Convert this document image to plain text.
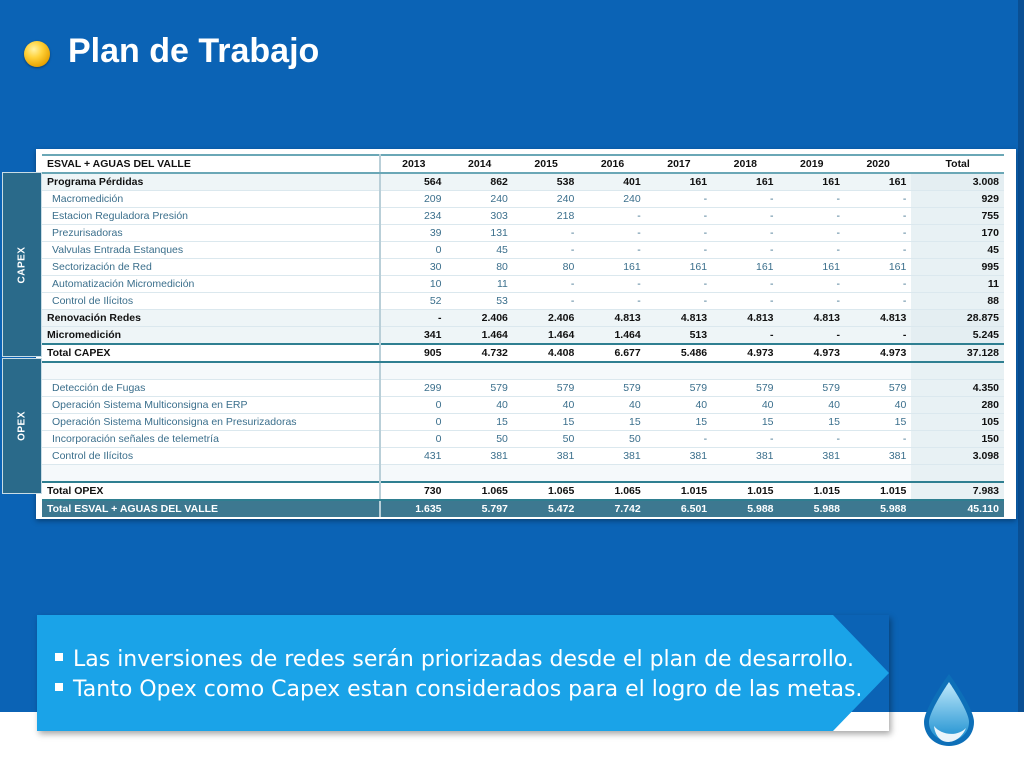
Plan de Trabajo
CAPEX
OPEX
ESVAL + AGUAS DEL VALLE	2013	2014	2015	2016	2017	2018	2019	2020	Total
Programa Pérdidas	564	862	538	401	161	161	161	161	3.008
Macromedición	209	240	240	240	-	-	-	-	929
Estacion Reguladora Presión	234	303	218	-	-	-	-	-	755
Prezurisadoras	39	131	-	-	-	-	-	-	170
Valvulas Entrada Estanques	0	45	-	-	-	-	-	-	45
Sectorización de Red	30	80	80	161	161	161	161	161	995
Automatización Micromedición	10	11	-	-	-	-	-	-	11
Control de Ilícitos	52	53	-	-	-	-	-	-	88
Renovación Redes	-	2.406	2.406	4.813	4.813	4.813	4.813	4.813	28.875
Micromedición	341	1.464	1.464	1.464	513	-	-	-	5.245
Total CAPEX	905	4.732	4.408	6.677	5.486	4.973	4.973	4.973	37.128

Detección de Fugas	299	579	579	579	579	579	579	579	4.350
Operación Sistema Multiconsigna en ERP	0	40	40	40	40	40	40	40	280
Operación Sistema Multiconsigna en Presurizadoras	0	15	15	15	15	15	15	15	105
Incorporación señales de telemetría	0	50	50	50	-	-	-	-	150
Control de Ilícitos	431	381	381	381	381	381	381	381	3.098

Total OPEX	730	1.065	1.065	1.065	1.015	1.015	1.015	1.015	7.983
Total ESVAL + AGUAS DEL VALLE	1.635	5.797	5.472	7.742	6.501	5.988	5.988	5.988	45.110
Las inversiones de redes serán priorizadas desde el plan de desarrollo.
Tanto Opex como Capex estan considerados para el logro de las metas.
